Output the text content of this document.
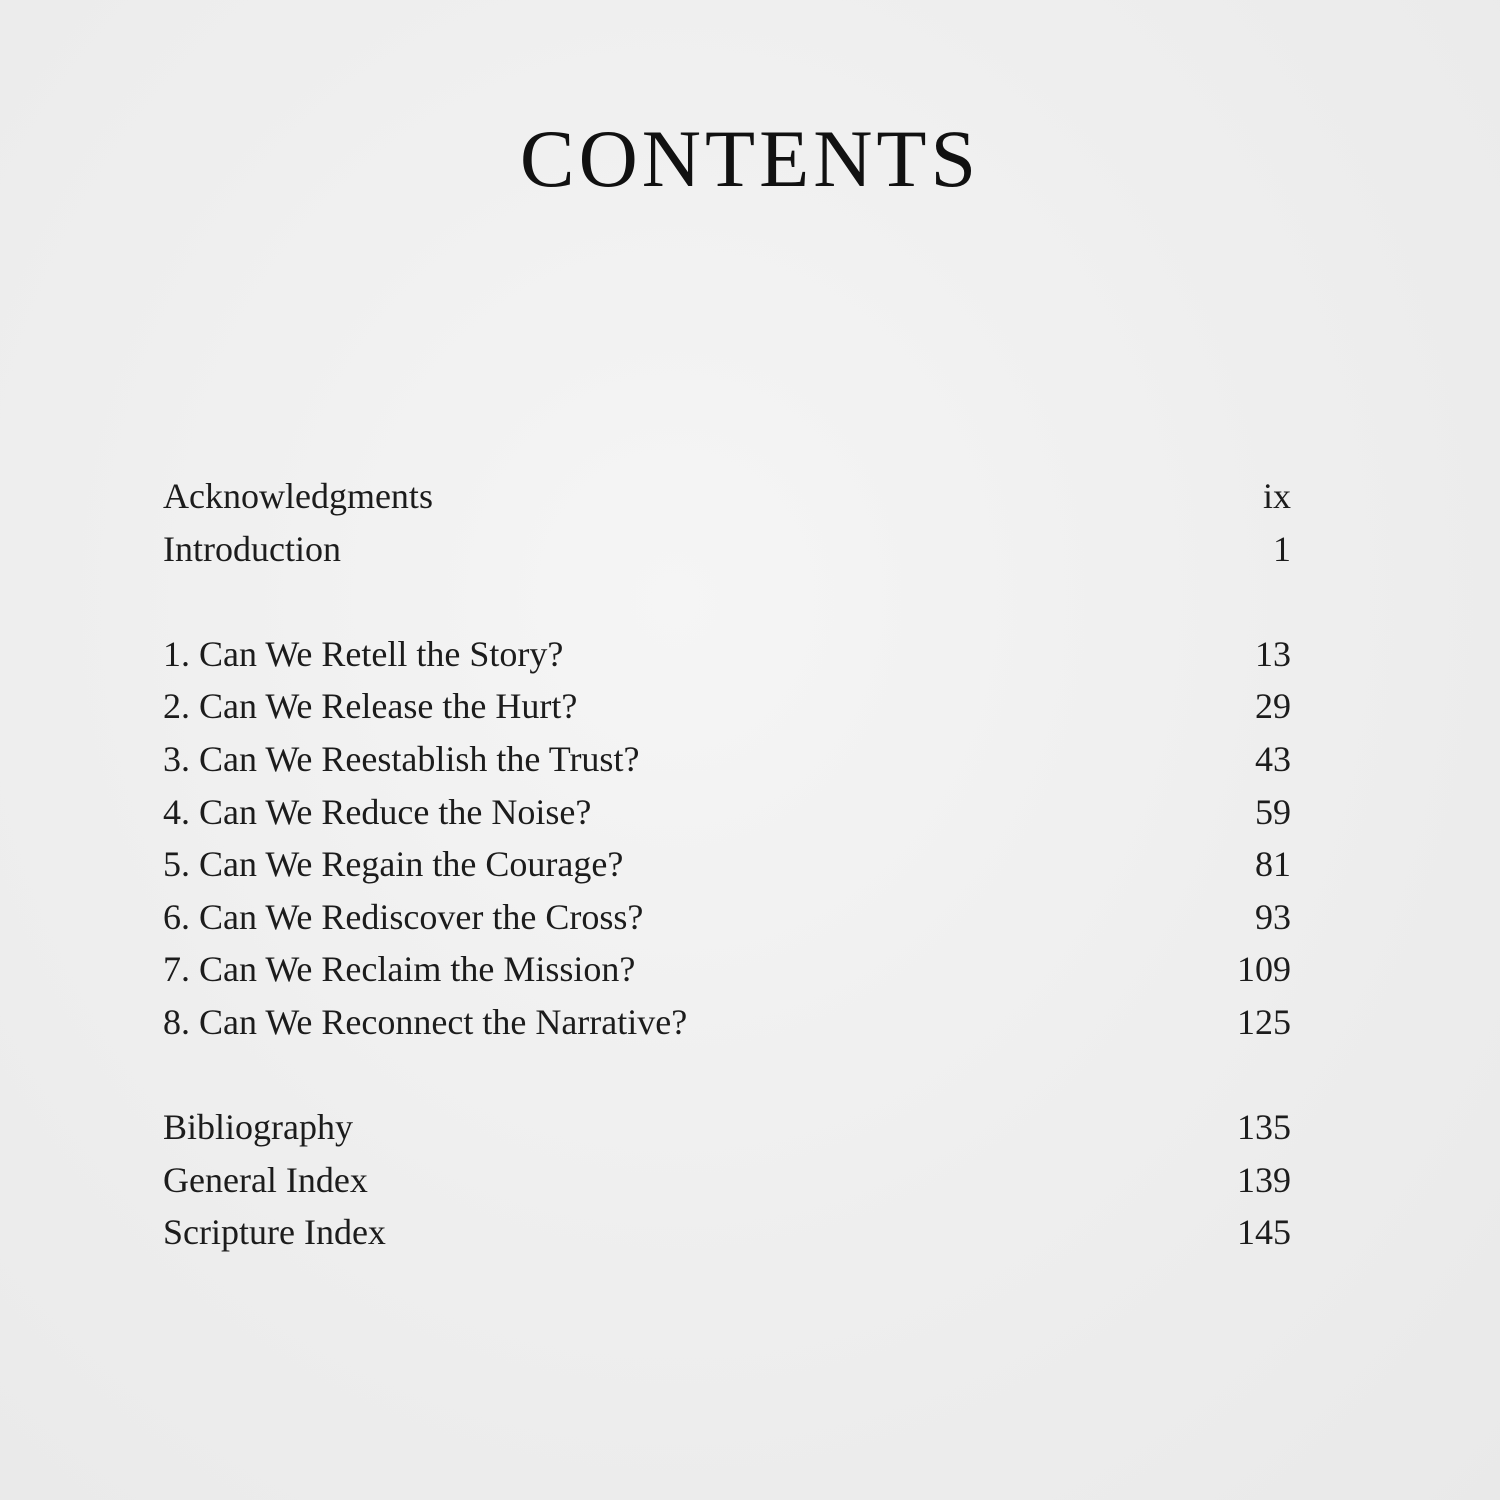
CONTENTS
Acknowledgments	ix
Introduction	1
1. Can We Retell the Story?	13
2. Can We Release the Hurt?	29
3. Can We Reestablish the Trust?	43
4. Can We Reduce the Noise?	59
5. Can We Regain the Courage?	81
6. Can We Rediscover the Cross?	93
7. Can We Reclaim the Mission?	109
8. Can We Reconnect the Narrative?	125
Bibliography	135
General Index	139
Scripture Index	145
